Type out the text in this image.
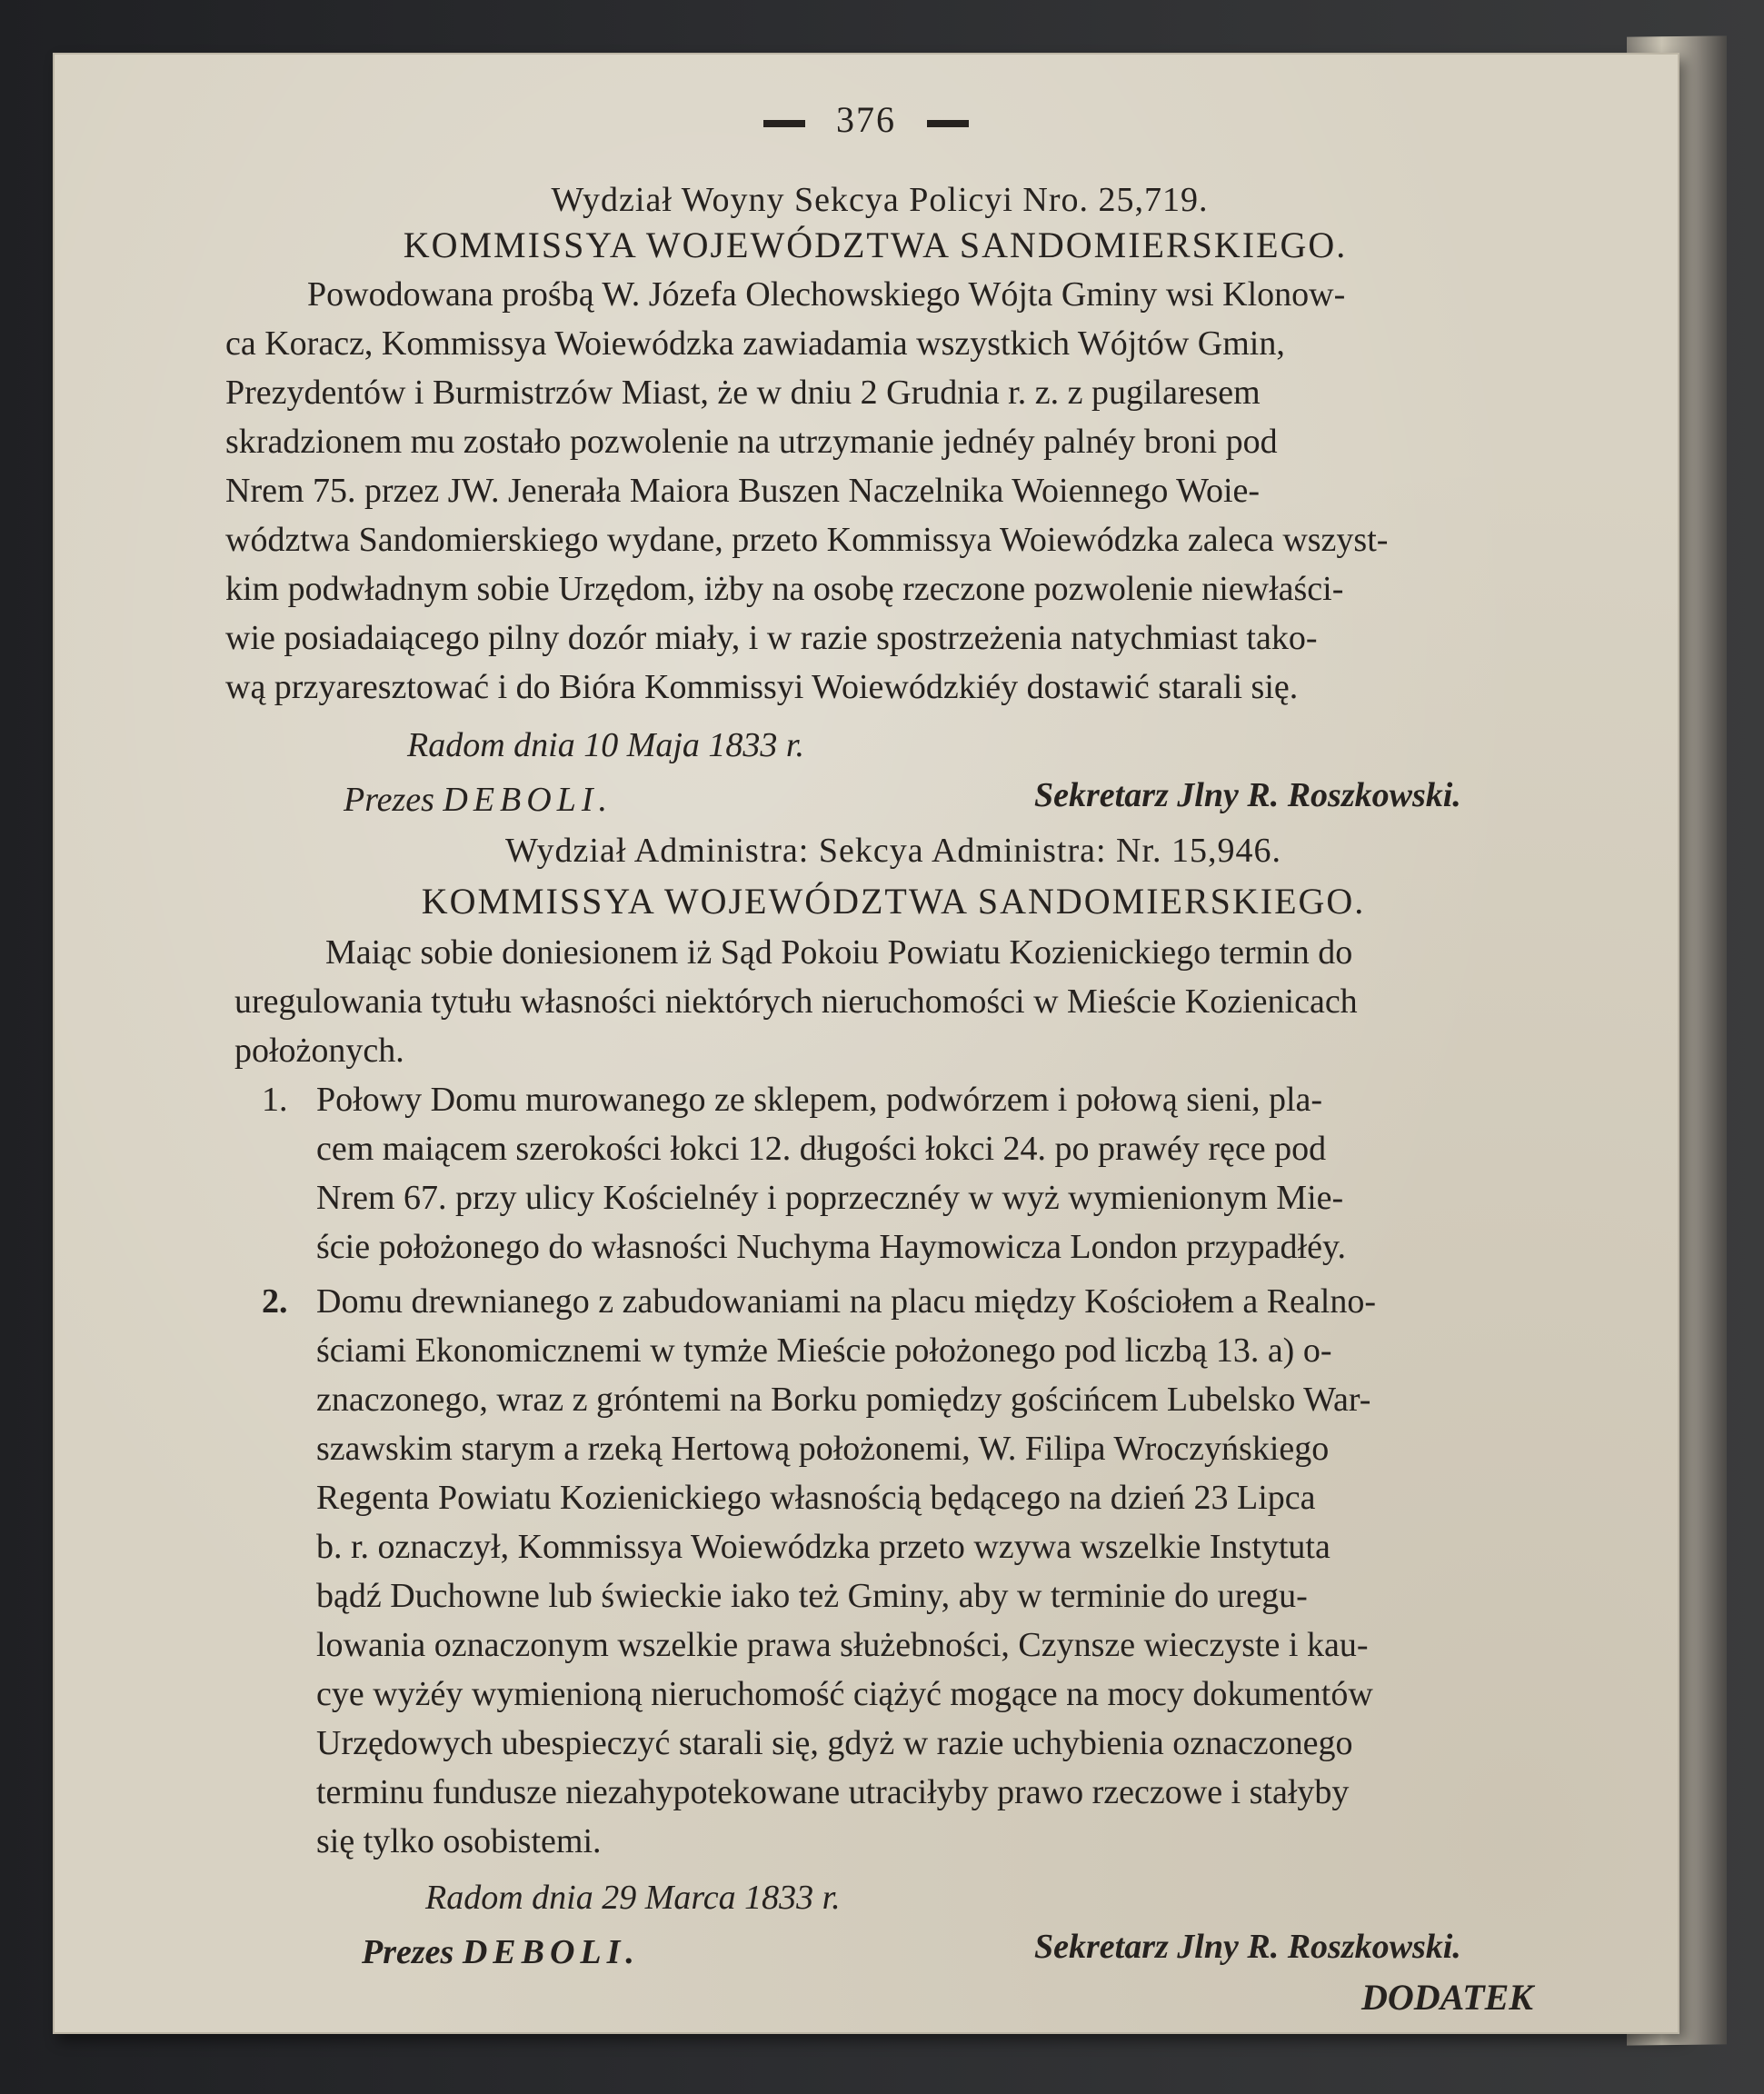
376
Wydział Woyny Sekcya Policyi Nro. 25,719.
KOMMISSYA WOJEWÓDZTWA SANDOMIERSKIEGO.
Powodowana prośbą W. Józefa Olechowskiego Wójta Gminy wsi Klonow-
ca Koracz, Kommissya Woiewódzka zawiadamia wszystkich Wójtów Gmin,
Prezydentów i Burmistrzów Miast, że w dniu 2 Grudnia r. z. z pugilaresem
skradzionem mu zostało pozwolenie na utrzymanie jednéy palnéy broni pod
Nrem 75. przez JW. Jenerała Maiora Buszen Naczelnika Woiennego Woie-
wództwa Sandomierskiego wydane, przeto Kommissya Woiewódzka zaleca wszyst-
kim podwładnym sobie Urzędom, iżby na osobę rzeczone pozwolenie niewłaści-
wie posiadaiącego pilny dozór miały, i w razie spostrzeżenia natychmiast tako-
wą przyaresztować i do Bióra Kommissyi Woiewódzkiéy dostawić starali się.
Radom dnia 10 Maja 1833 r.
Prezes DEBOLI.	Sekretarz Jlny R. Roszkowski.
Wydział Administra: Sekcya Administra: Nr. 15,946.
KOMMISSYA WOJEWÓDZTWA SANDOMIERSKIEGO.
Maiąc sobie doniesionem iż Sąd Pokoiu Powiatu Kozienickiego termin do
uregulowania tytułu własności niektórych nieruchomości w Mieście Kozienicach
położonych.
1. Połowy Domu murowanego ze sklepem, podwórzem i połową sieni, pla-
cem maiącem szerokości łokci 12. długości łokci 24. po prawéy ręce pod
Nrem 67. przy ulicy Kościelnéy i poprzecznéy w wyż wymienionym Mie-
ście położonego do własności Nuchyma Haymowicza London przypadłéy.
2. Domu drewnianego z zabudowaniami na placu między Kościołem a Realno-
ściami Ekonomicznemi w tymże Mieście położonego pod liczbą 13. a) o-
znaczonego, wraz z gróntemi na Borku pomiędzy gościńcem Lubelsko War-
szawskim starym a rzeką Hertową położonemi, W. Filipa Wroczyńskiego
Regenta Powiatu Kozienickiego własnością będącego na dzień 23 Lipca
b. r. oznaczył, Kommissya Woiewódzka przeto wzywa wszelkie Instytuta
bądź Duchowne lub świeckie iako też Gminy, aby w terminie do uregu-
lowania oznaczonym wszelkie prawa służebności, Czynsze wieczyste i kau-
cye wyżéy wymienioną nieruchomość ciążyć mogące na mocy dokumentów
Urzędowych ubespieczyć starali się, gdyż w razie uchybienia oznaczonego
terminu fundusze niezahypotekowane utraciłyby prawo rzeczowe i stałyby
się tylko osobistemi.
Radom dnia 29 Marca 1833 r.
Prezes DEBOLI.	Sekretarz Jlny R. Roszkowski.
DODATEK
